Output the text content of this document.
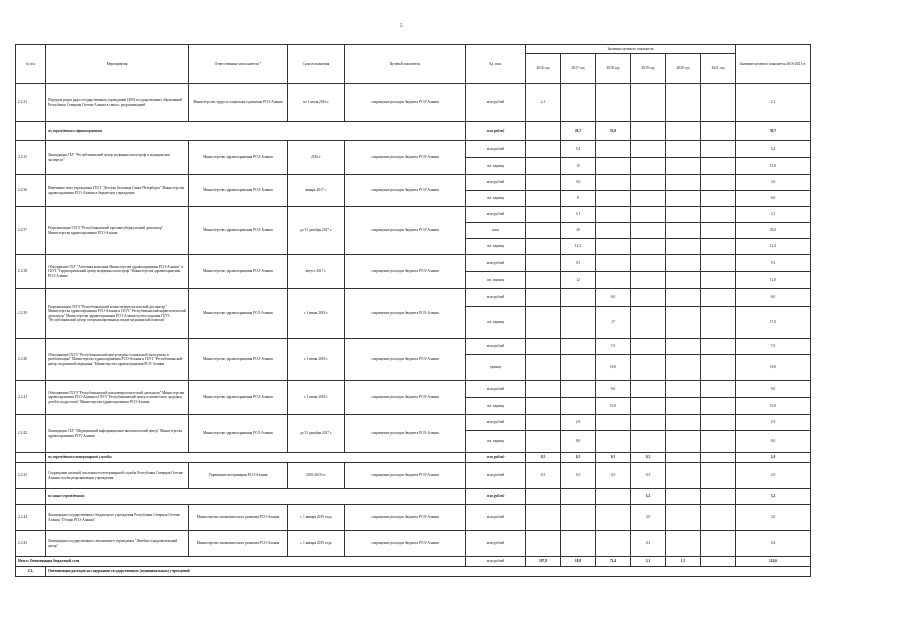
5
№ п/п	Мероприятия	Ответственные исполнители *	Срок исполнения	Целевой показатель	Ед. изм.	Значение целевого показателя						Значение целевого показателя 2016-2021 гг.
						2016 год	2017 год	2018 год	2019 год	2020 год	2021 год	
2.2.23	Передача рядов ряда государственных учреждений ЦОН государственных образований Республики Северная Осетия-Алания в связи с реорганизацией	Министерство труда и социального развития РСО-Алания	по 1 июля 2016 г.	сокращение расходов бюджета РСО-Алания	млн рублей	2,1						2,1
	по учреждениям здравоохранения				млн рублей		26,7	33,0				59,7
2.2.35	Ликвидация ГБУ "Республиканский центр медицины катастроф и медицинских экспертиз"	Министерство здравоохранения РСО-Алания	2016 г.	сокращение расходов бюджета РСО-Алания	млн рублей		5,4					5,4
					шт. единиц		15					15,0
2.2.36	Изменение типа учреждения ГБУЗ "Детская больница Санкт-Петербурга" Министерства здравоохранения РСО-Алания в бюджетное учреждение	Министерство здравоохранения РСО-Алания	январь 2017 г.	сокращение расходов бюджета РСО-Алания	млн рублей		3,0					3,0
					шт. единиц		8					8,0
2.2.37	Реорганизация ГБУЗ "Республиканский противотуберкулезный диспансер" Министерства здравоохранения РСО-Алания	Министерство здравоохранения РСО-Алания	до 31 декабря 2017 г.	сокращение расходов бюджета РСО-Алания	млн рублей		3,1					3,1
					коек		20					20,0
					шт. единиц		12,3					12,3
2.2.38	Объединение ГБУ "Аптечная компания Министерства здравоохранения РСО-Алания" и ГБУЗ "Территориальный центр медицины катастроф" Министерства здравоохранения РСО-Алания	Министерство здравоохранения РСО-Алания	август 2017 г.	сокращение расходов бюджета РСО-Алания	млн рублей		9,3					9,3
					шт. единиц		12					12,0
2.2.39	Реорганизация ГБУЗ "Республиканский кожно-венерологический диспансер" Министерства здравоохранения РСО-Алания и ГБУЗ "Республиканский наркологический диспансер" Министерства здравоохранения РСО-Алания путем создания ГБУЗ "Республиканский центр специализированных видов медицинской помощи"	Министерство здравоохранения РСО-Алания	с 1 июня 2018 г.	сокращение расходов бюджета РСО-Алания	млн рублей			6,0				6,0
					шт. единиц			17				17,0
2.2.40	Объединение ГБУЗ "Республиканский центр медико-социальной экспертизы и реабилитации" Министерства здравоохранения РСО-Алания и ГБУЗ "Республиканский центр спортивной медицины" Министерства здравоохранения РСО-Алания	Министерство здравоохранения РСО-Алания	с 1 июня 2018 г.	сокращение расходов бюджета РСО-Алания	млн рублей			7,0				7,0
					единиц			16,0				16,0
2.2.41	Объединение ГБУЗ "Республиканский психоневрологический диспансер" Министерства здравоохранения РСО-Алания и ГБУЗ "Республиканский центр психического здоровья детей и подростков" Министерства здравоохранения РСО-Алания	Министерство здравоохранения РСО-Алания	с 1 июня 2018 г.	сокращение расходов бюджета РСО-Алания	млн рублей			9,0				9,0
					шт. единиц			10,0				10,0
2.2.42	Ликвидация ГБУ "Медицинский информационно-аналитический центр" Министерства здравоохранения РСО-Алания	Министерство здравоохранения РСО-Алания	до 31 декабря 2017 г.	сокращение расходов бюджета РСО-Алания	млн рублей		2,9					2,9
					шт. единиц		8,0					8,0
	по учреждениям ветеринарной службы				млн рублей	0,5	0,5	0,5	0,5			2,0
2.2.43	Сокращение штатной численности ветеринарной службы Республики Северная Осетия-Алания, путём реорганизации учреждения	Управление ветеринарии РСО-Алания	2016-2019 гг.	сокращение расходов бюджета РСО-Алания	млн рублей	0,5	0,5	0,5	0,5			2,0
	по иным учреждениям				млн рублей				3,2			3,2
2.2.44	Ликвидация государственного бюджетного учреждения Республики Северная Осетия-Алания "IT-парк РСО-Алания"	Министерство экономического развития РСО-Алания	с 1 января 2019 года	сокращение расходов бюджета РСО-Алания	млн рублей				3,0			3,0
2.2.45	Ликвидация государственного автономного учреждения "Лечебно-оздоровительный центр"	Министерство экономического развития РСО-Алания	с 1 января 2019 года	сокращение расходов бюджета РСО-Алания	млн рублей				0,2			0,2
Итого: Оптимизация бюджетной сети					млн рублей	107,8	10,8	72,4	3,1	1,5		124,6
2.3.	Оптимизация расходов на содержание государственных (муниципальных) учреждений											
